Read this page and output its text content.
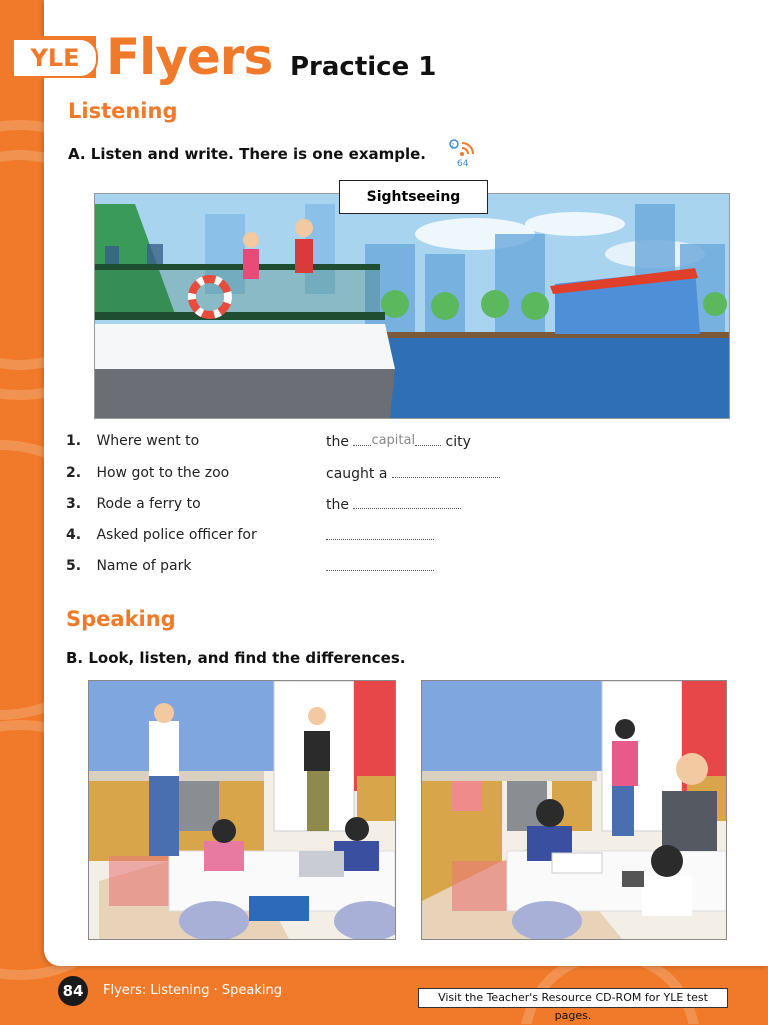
YLE Flyers Practice 1
Listening
A. Listen and write. There is one example.	2
64
Sightseeing
1. Where went to	the capital city
2. How got to the zoo	caught a
3. Rode a ferry to	the
4. Asked police officer for
5. Name of park
Speaking
B. Look, listen, and find the differences.
84	Flyers: Listening · Speaking	Visit the Teacher's Resource CD-ROM for YLE test pages.
